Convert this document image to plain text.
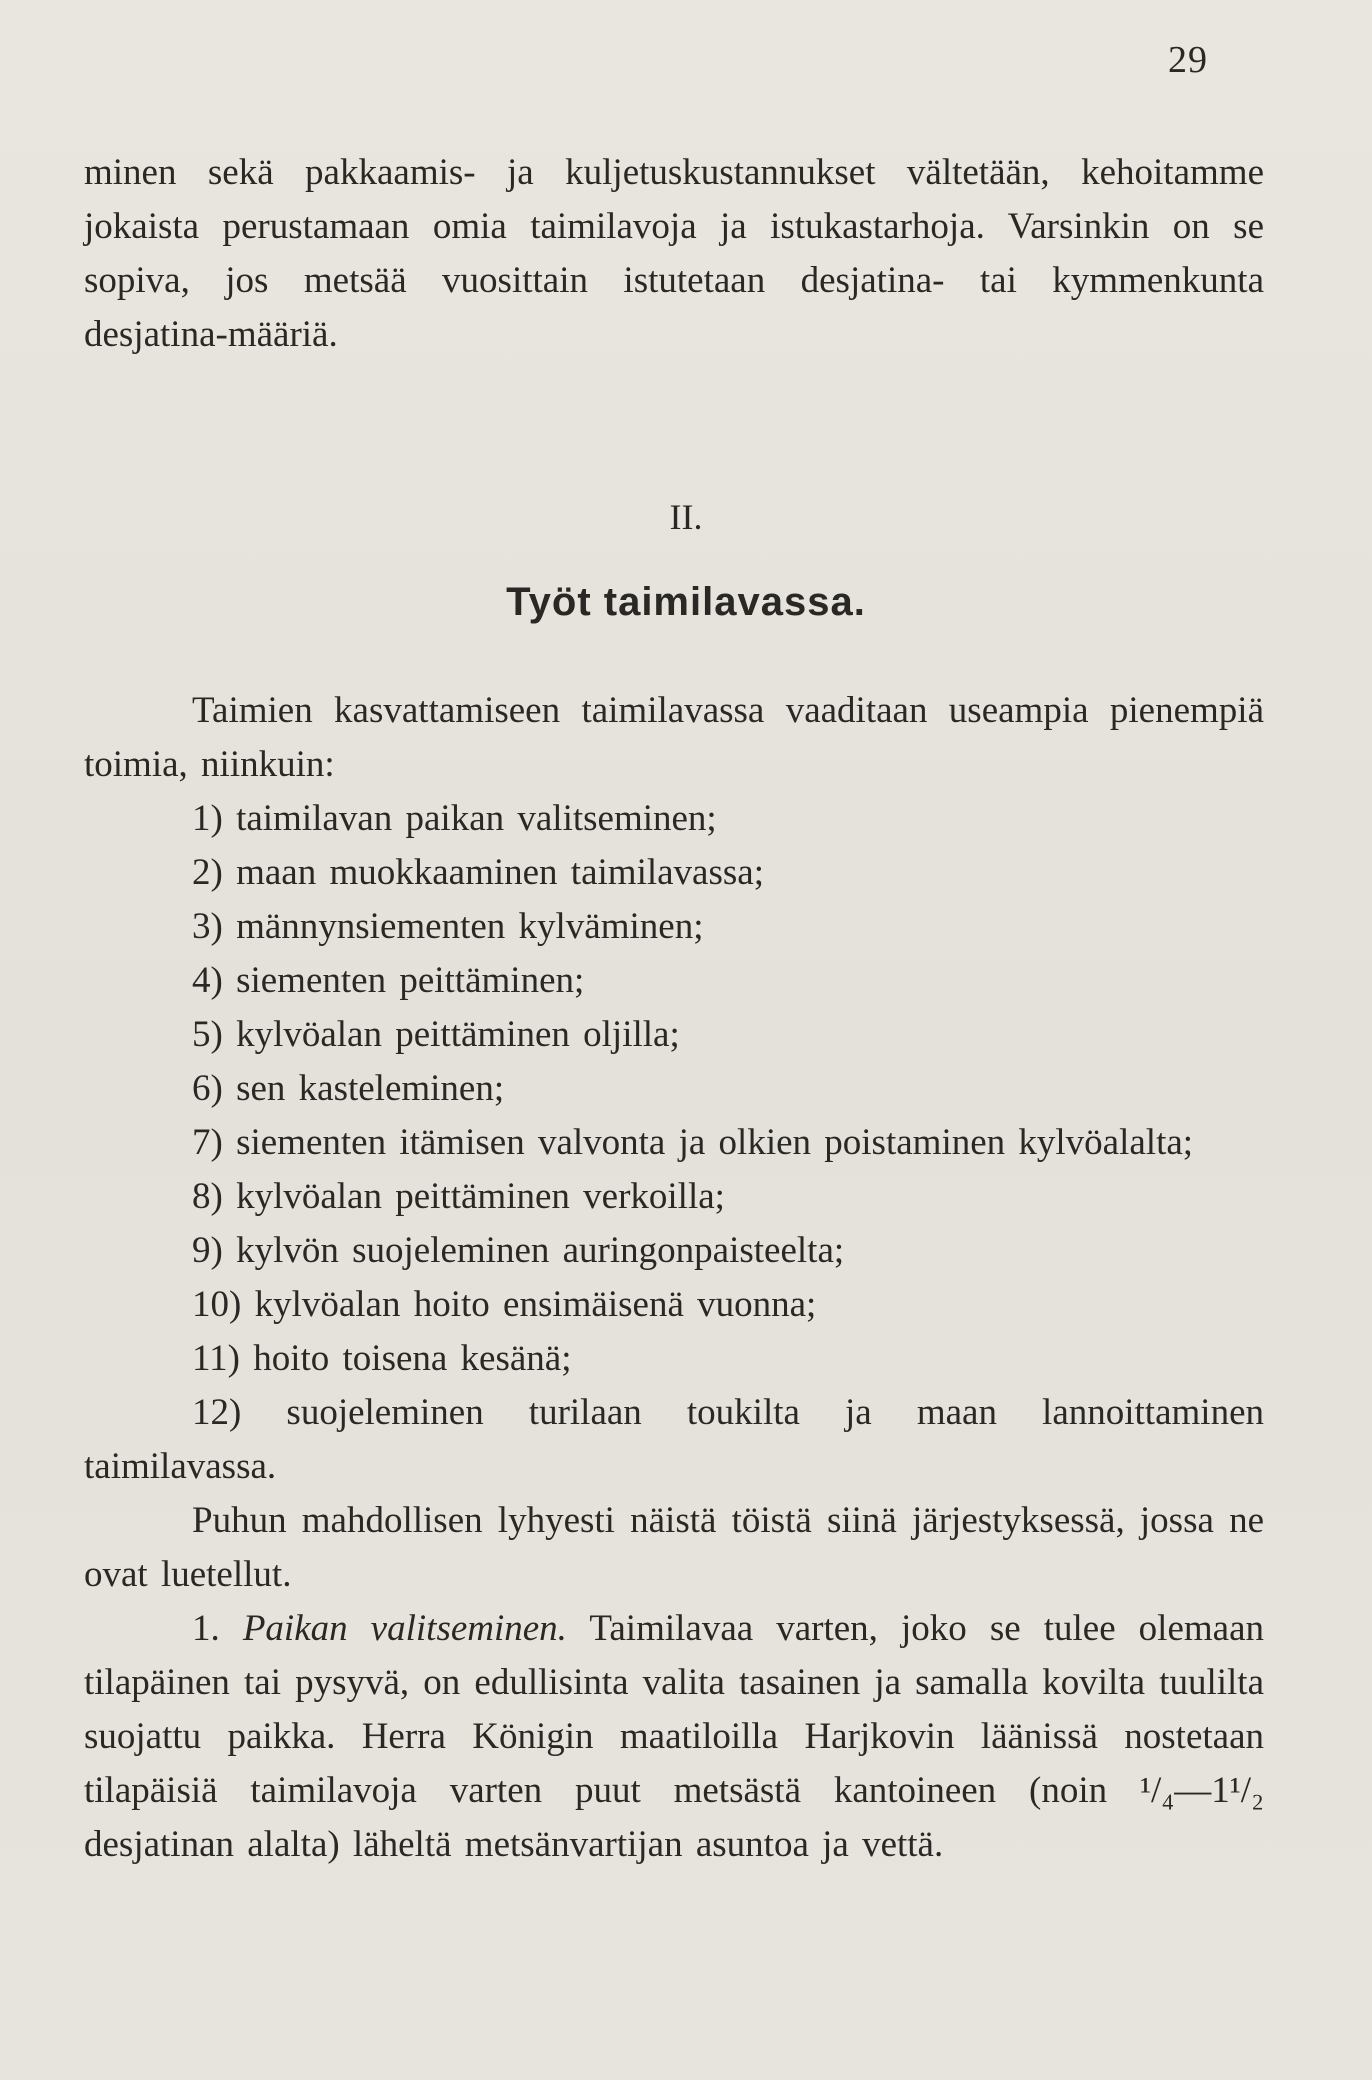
29

minen sekä pakkaamis- ja kuljetuskustannukset vältetään, kehoitamme jokaista perustamaan omia taimilavoja ja istukastarhoja. Varsinkin on se sopiva, jos metsää vuosittain istutetaan desjatina- tai kymmenkunta desjatina-määriä.

II.
Työt taimilavassa.

Taimien kasvattamiseen taimilavassa vaaditaan useampia pienempiä toimia, niinkuin:

1) taimilavan paikan valitseminen;

2) maan muokkaaminen taimilavassa;

3) männynsiementen kylväminen;

4) siementen peittäminen;

5) kylvöalan peittäminen oljilla;

6) sen kasteleminen;

7) siementen itämisen valvonta ja olkien poistaminen kylvöalalta;

8) kylvöalan peittäminen verkoilla;

9) kylvön suojeleminen auringonpaisteelta;

10) kylvöalan hoito ensimäisenä vuonna;

11) hoito toisena kesänä;

12) suojeleminen turilaan toukilta ja maan lannoittaminen taimilavassa.

Puhun mahdollisen lyhyesti näistä töistä siinä järjestyksessä, jossa ne ovat luetellut.

1. Paikan valitseminen. Taimilavaa varten, joko se tulee olemaan tilapäinen tai pysyvä, on edullisinta valita tasainen ja samalla kovilta tuulilta suojattu paikka. Herra Königin maatiloilla Harjkovin läänissä nostetaan tilapäisiä taimilavoja varten puut metsästä kantoineen (noin ¹/₄—1¹/₂ desjatinan alalta) läheltä metsänvartijan asuntoa ja vettä.
